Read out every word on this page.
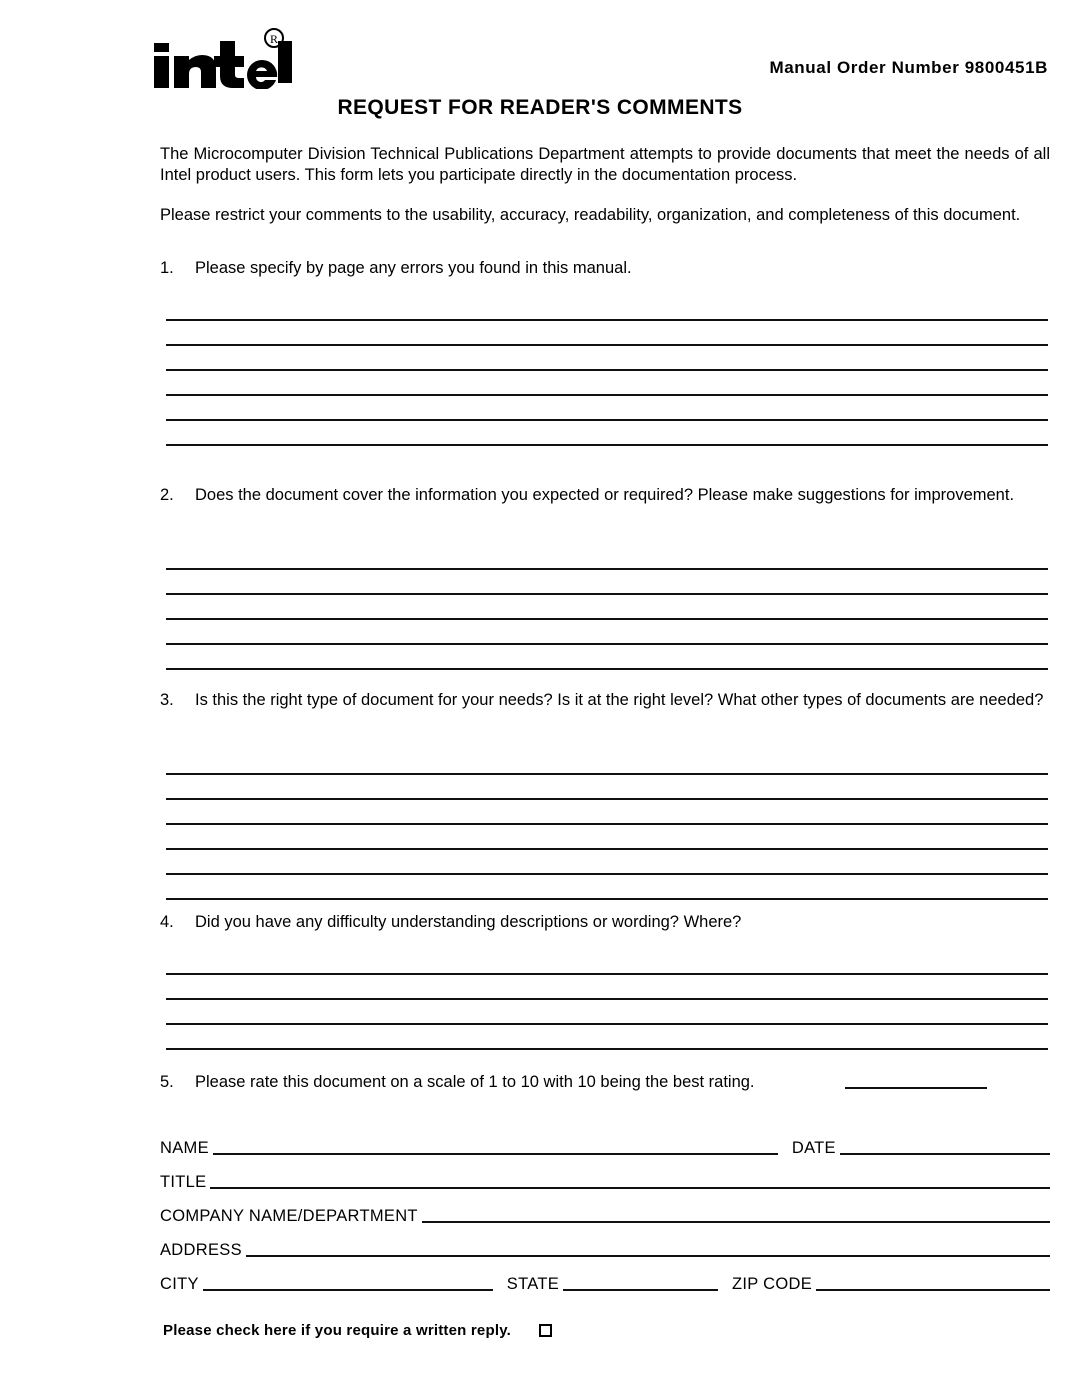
R
Manual Order Number 9800451B
REQUEST FOR READER'S COMMENTS
The Microcomputer Division Technical Publications Department attempts to provide documents that meet the needs of all Intel product users. This form lets you participate directly in the documentation process.
Please restrict your comments to the usability, accuracy, readability, organization, and completeness of this document.
1.	Please specify by page any errors you found in this manual.
2.	Does the document cover the information you expected or required? Please make suggestions for improvement.
3.	Is this the right type of document for your needs? Is it at the right level? What other types of documents are needed?
4.	Did you have any difficulty understanding descriptions or wording? Where?
5.	Please rate this document on a scale of 1 to 10 with 10 being the best rating.
NAME	DATE
TITLE
COMPANY NAME/DEPARTMENT
ADDRESS
CITY	STATE	ZIP CODE
Please check here if you require a written reply.
